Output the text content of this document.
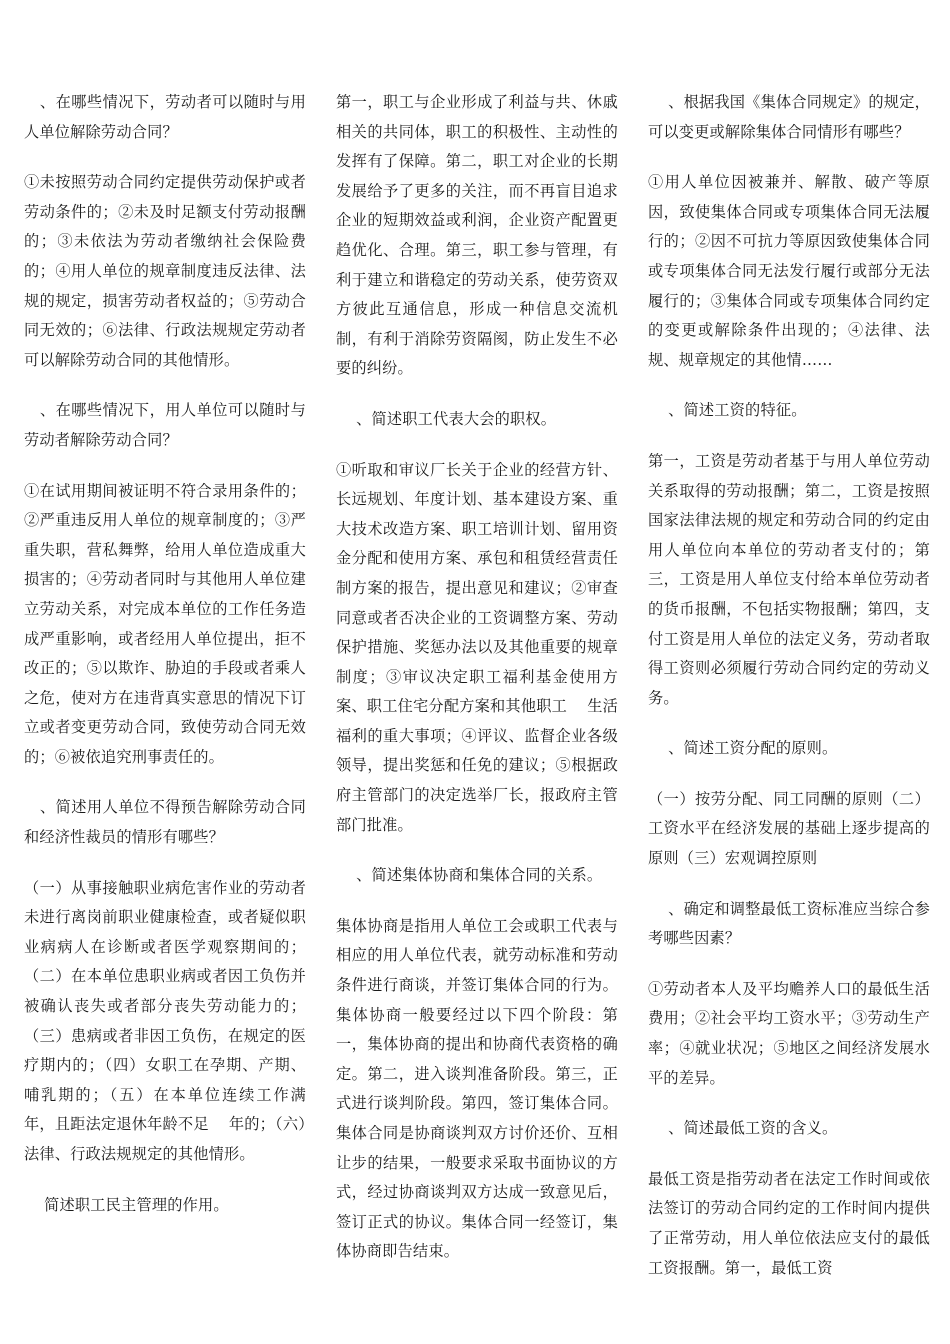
、在哪些情况下，劳动者可以随时与用人单位解除劳动合同？

①未按照劳动合同约定提供劳动保护或者劳动条件的；②未及时足额支付劳动报酬的；③未依法为劳动者缴纳社会保险费的；④用人单位的规章制度违反法律、法规的规定，损害劳动者权益的；⑤劳动合同无效的；⑥法律、行政法规规定劳动者可以解除劳动合同的其他情形。

、在哪些情况下，用人单位可以随时与劳动者解除劳动合同？

①在试用期间被证明不符合录用条件的；②严重违反用人单位的规章制度的；③严重失职，营私舞弊，给用人单位造成重大损害的；④劳动者同时与其他用人单位建立劳动关系，对完成本单位的工作任务造成严重影响，或者经用人单位提出，拒不改正的；⑤以欺诈、胁迫的手段或者乘人之危，使对方在违背真实意思的情况下订立或者变更劳动合同，致使劳动合同无效的；⑥被依追究刑事责任的。

、简述用人单位不得预告解除劳动合同和经济性裁员的情形有哪些？

（一）从事接触职业病危害作业的劳动者未进行离岗前职业健康检查，或者疑似职业病病人在诊断或者医学观察期间的；（二）在本单位患职业病或者因工负伤并被确认丧失或者部分丧失劳动能力的；（三）患病或者非因工负伤，在规定的医疗期内的；（四）女职工在孕期、产期、哺乳期的；（五）在本单位连续工作满    年，且距法定退休年龄不足    年的；（六）法律、行政法规规定的其他情形。

简述职工民主管理的作用。

第一，职工与企业形成了利益与共、休戚相关的共同体，职工的积极性、主动性的发挥有了保障。第二，职工对企业的长期发展给予了更多的关注，而不再盲目追求企业的短期效益或利润，企业资产配置更趋优化、合理。第三，职工参与管理，有利于建立和谐稳定的劳动关系，使劳资双方彼此互通信息，形成一种信息交流机制，有利于消除劳资隔阂，防止发生不必要的纠纷。

、简述职工代表大会的职权。

①听取和审议厂长关于企业的经营方针、长远规划、年度计划、基本建设方案、重大技术改造方案、职工培训计划、留用资金分配和使用方案、承包和租赁经营责任制方案的报告，提出意见和建议；②审查同意或者否决企业的工资调整方案、劳动保护措施、奖惩办法以及其他重要的规章制度；③审议决定职工福利基金使用方案、职工住宅分配方案和其他职工    生活福利的重大事项；④评议、监督企业各级领导，提出奖惩和任免的建议；⑤根据政府主管部门的决定选举厂长，报政府主管部门批准。

、简述集体协商和集体合同的关系。

集体协商是指用人单位工会或职工代表与相应的用人单位代表，就劳动标准和劳动条件进行商谈，并签订集体合同的行为。集体协商一般要经过以下四个阶段：第一，集体协商的提出和协商代表资格的确定。第二，进入谈判准备阶段。第三，正式进行谈判阶段。第四，签订集体合同。集体合同是协商谈判双方讨价还价、互相让步的结果，一般要求采取书面协议的方式，经过协商谈判双方达成一致意见后，签订正式的协议。集体合同一经签订，集体协商即告结束。

、根据我国《集体合同规定》的规定，可以变更或解除集体合同情形有哪些？

①用人单位因被兼并、解散、破产等原因，致使集体合同或专项集体合同无法履行的；②因不可抗力等原因致使集体合同或专项集体合同无法发行履行或部分无法履行的；③集体合同或专项集体合同约定的变更或解除条件出现的；④法律、法规、规章规定的其他情……

、简述工资的特征。

第一，工资是劳动者基于与用人单位劳动关系取得的劳动报酬；第二，工资是按照国家法律法规的规定和劳动合同的约定由用人单位向本单位的劳动者支付的；第三，工资是用人单位支付给本单位劳动者的货币报酬，不包括实物报酬；第四，支付工资是用人单位的法定义务，劳动者取得工资则必须履行劳动合同约定的劳动义务。

、简述工资分配的原则。

（一）按劳分配、同工同酬的原则（二）工资水平在经济发展的基础上逐步提高的原则（三）宏观调控原则

、确定和调整最低工资标准应当综合参考哪些因素？

①劳动者本人及平均赡养人口的最低生活费用；②社会平均工资水平；③劳动生产率；④就业状况；⑤地区之间经济发展水平的差异。

、简述最低工资的含义。

最低工资是指劳动者在法定工作时间或依法签订的劳动合同约定的工作时间内提供了正常劳动，用人单位依法应支付的最低工资报酬。第一，最低工资
